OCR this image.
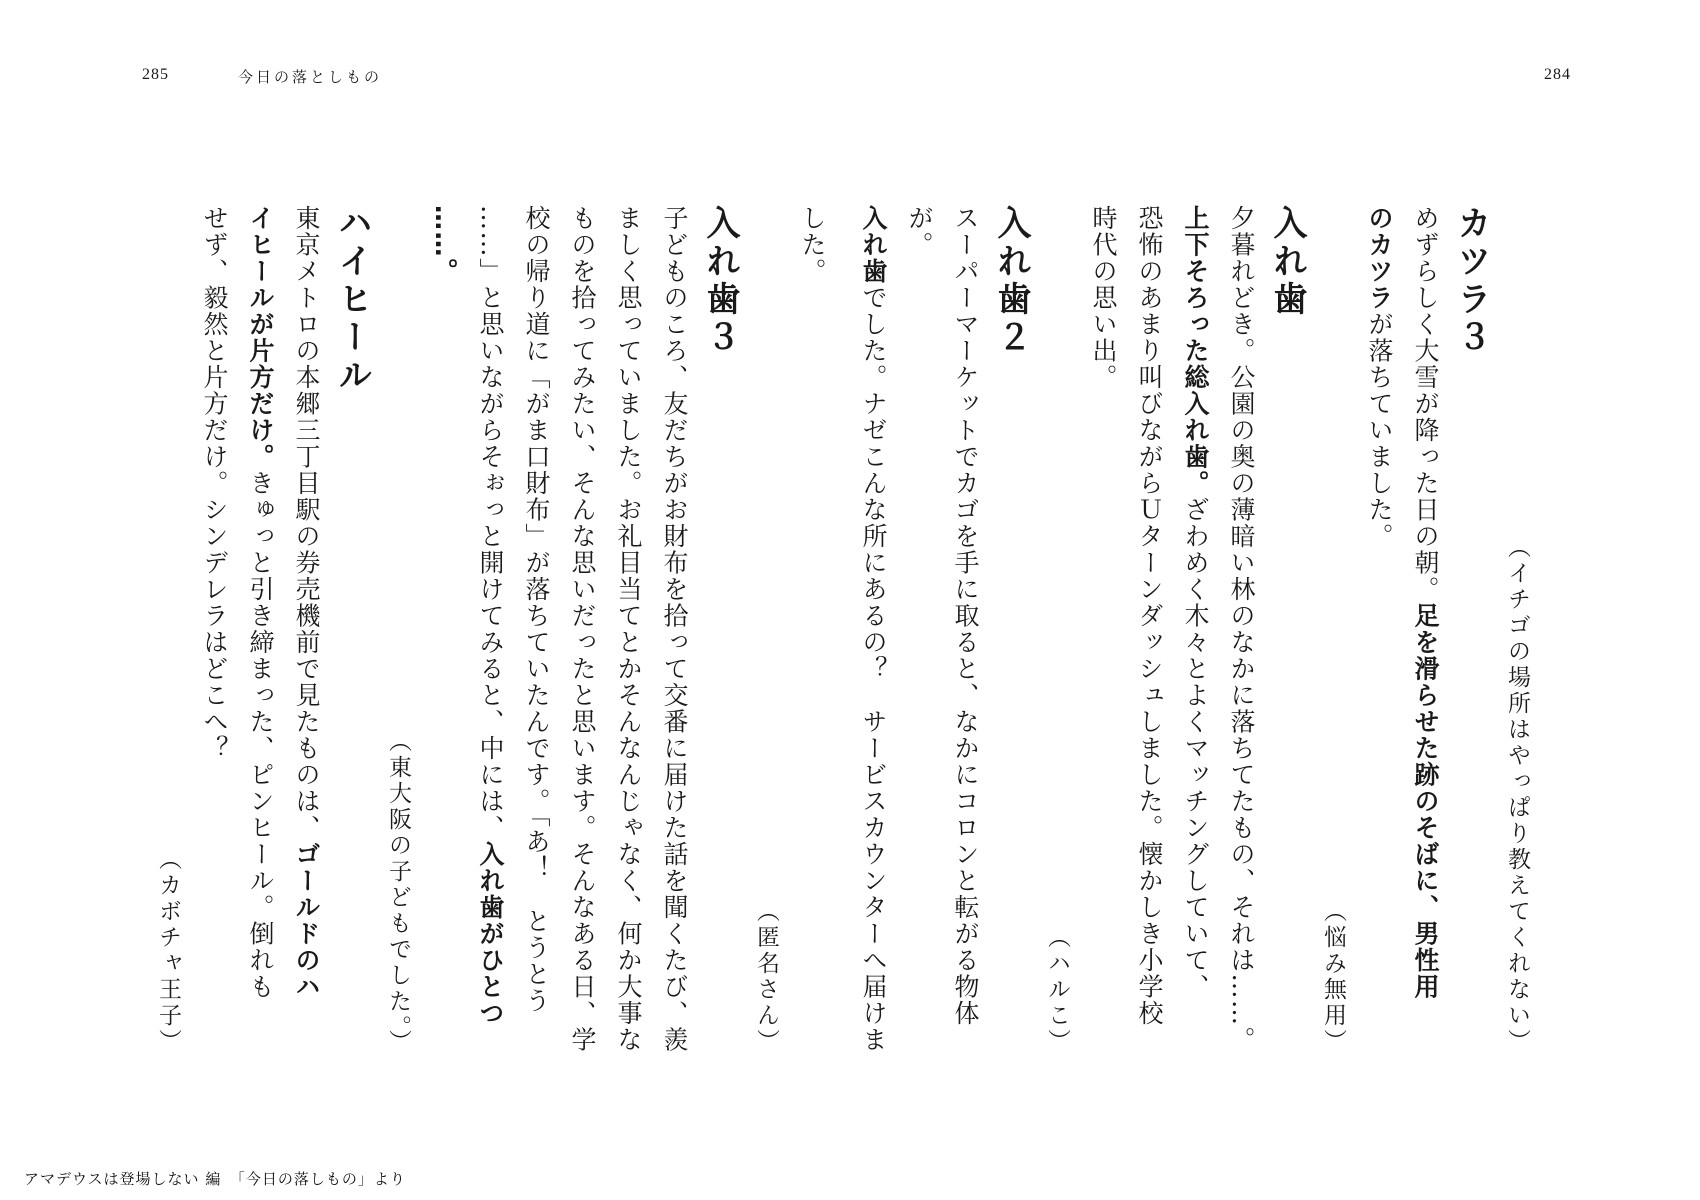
285	今日の落としもの	284
（イチゴの場所はやっぱり教えてくれない）
カツラ３
めずらしく大雪が降った日の朝。足を滑らせた跡のそばに、男性用
のカツラが落ちていました。
（悩み無用）
入れ歯
夕暮れどき。公園の奥の薄暗い林のなかに落ちてたもの、それは……。
上下そろった総入れ歯。ざわめく木々とよくマッチングしていて、
恐怖のあまり叫びながらＵターンダッシュしました。懐かしき小学校
時代の思い出。
（ハルこ）
入れ歯２
スーパーマーケットでカゴを手に取ると、なかにコロンと転がる物体が。
入れ歯でした。ナゼこんな所にあるの？　サービスカウンターへ届けま
した。
（匿名さん）
入れ歯３
子どものころ、友だちがお財布を拾って交番に届けた話を聞くたび、羨
ましく思っていました。お礼目当てとかそんなんじゃなく、何か大事な
ものを拾ってみたい、そんな思いだったと思います。そんなある日、学
校の帰り道に「がま口財布」が落ちていたんです。「あ！　とうとう
……」と思いながらそぉっと開けてみると、中には、入れ歯がひとつ
……。
（東大阪の子どもでした。）
ハイヒール
東京メトロの本郷三丁目駅の券売機前で見たものは、ゴールドのハ
イヒールが片方だけ。きゅっと引き締まった、ピンヒール。倒れも
せず、毅然と片方だけ。シンデレラはどこへ？
（カボチャ王子）
アマデウスは登場しない 編　「今日の落しもの」より
